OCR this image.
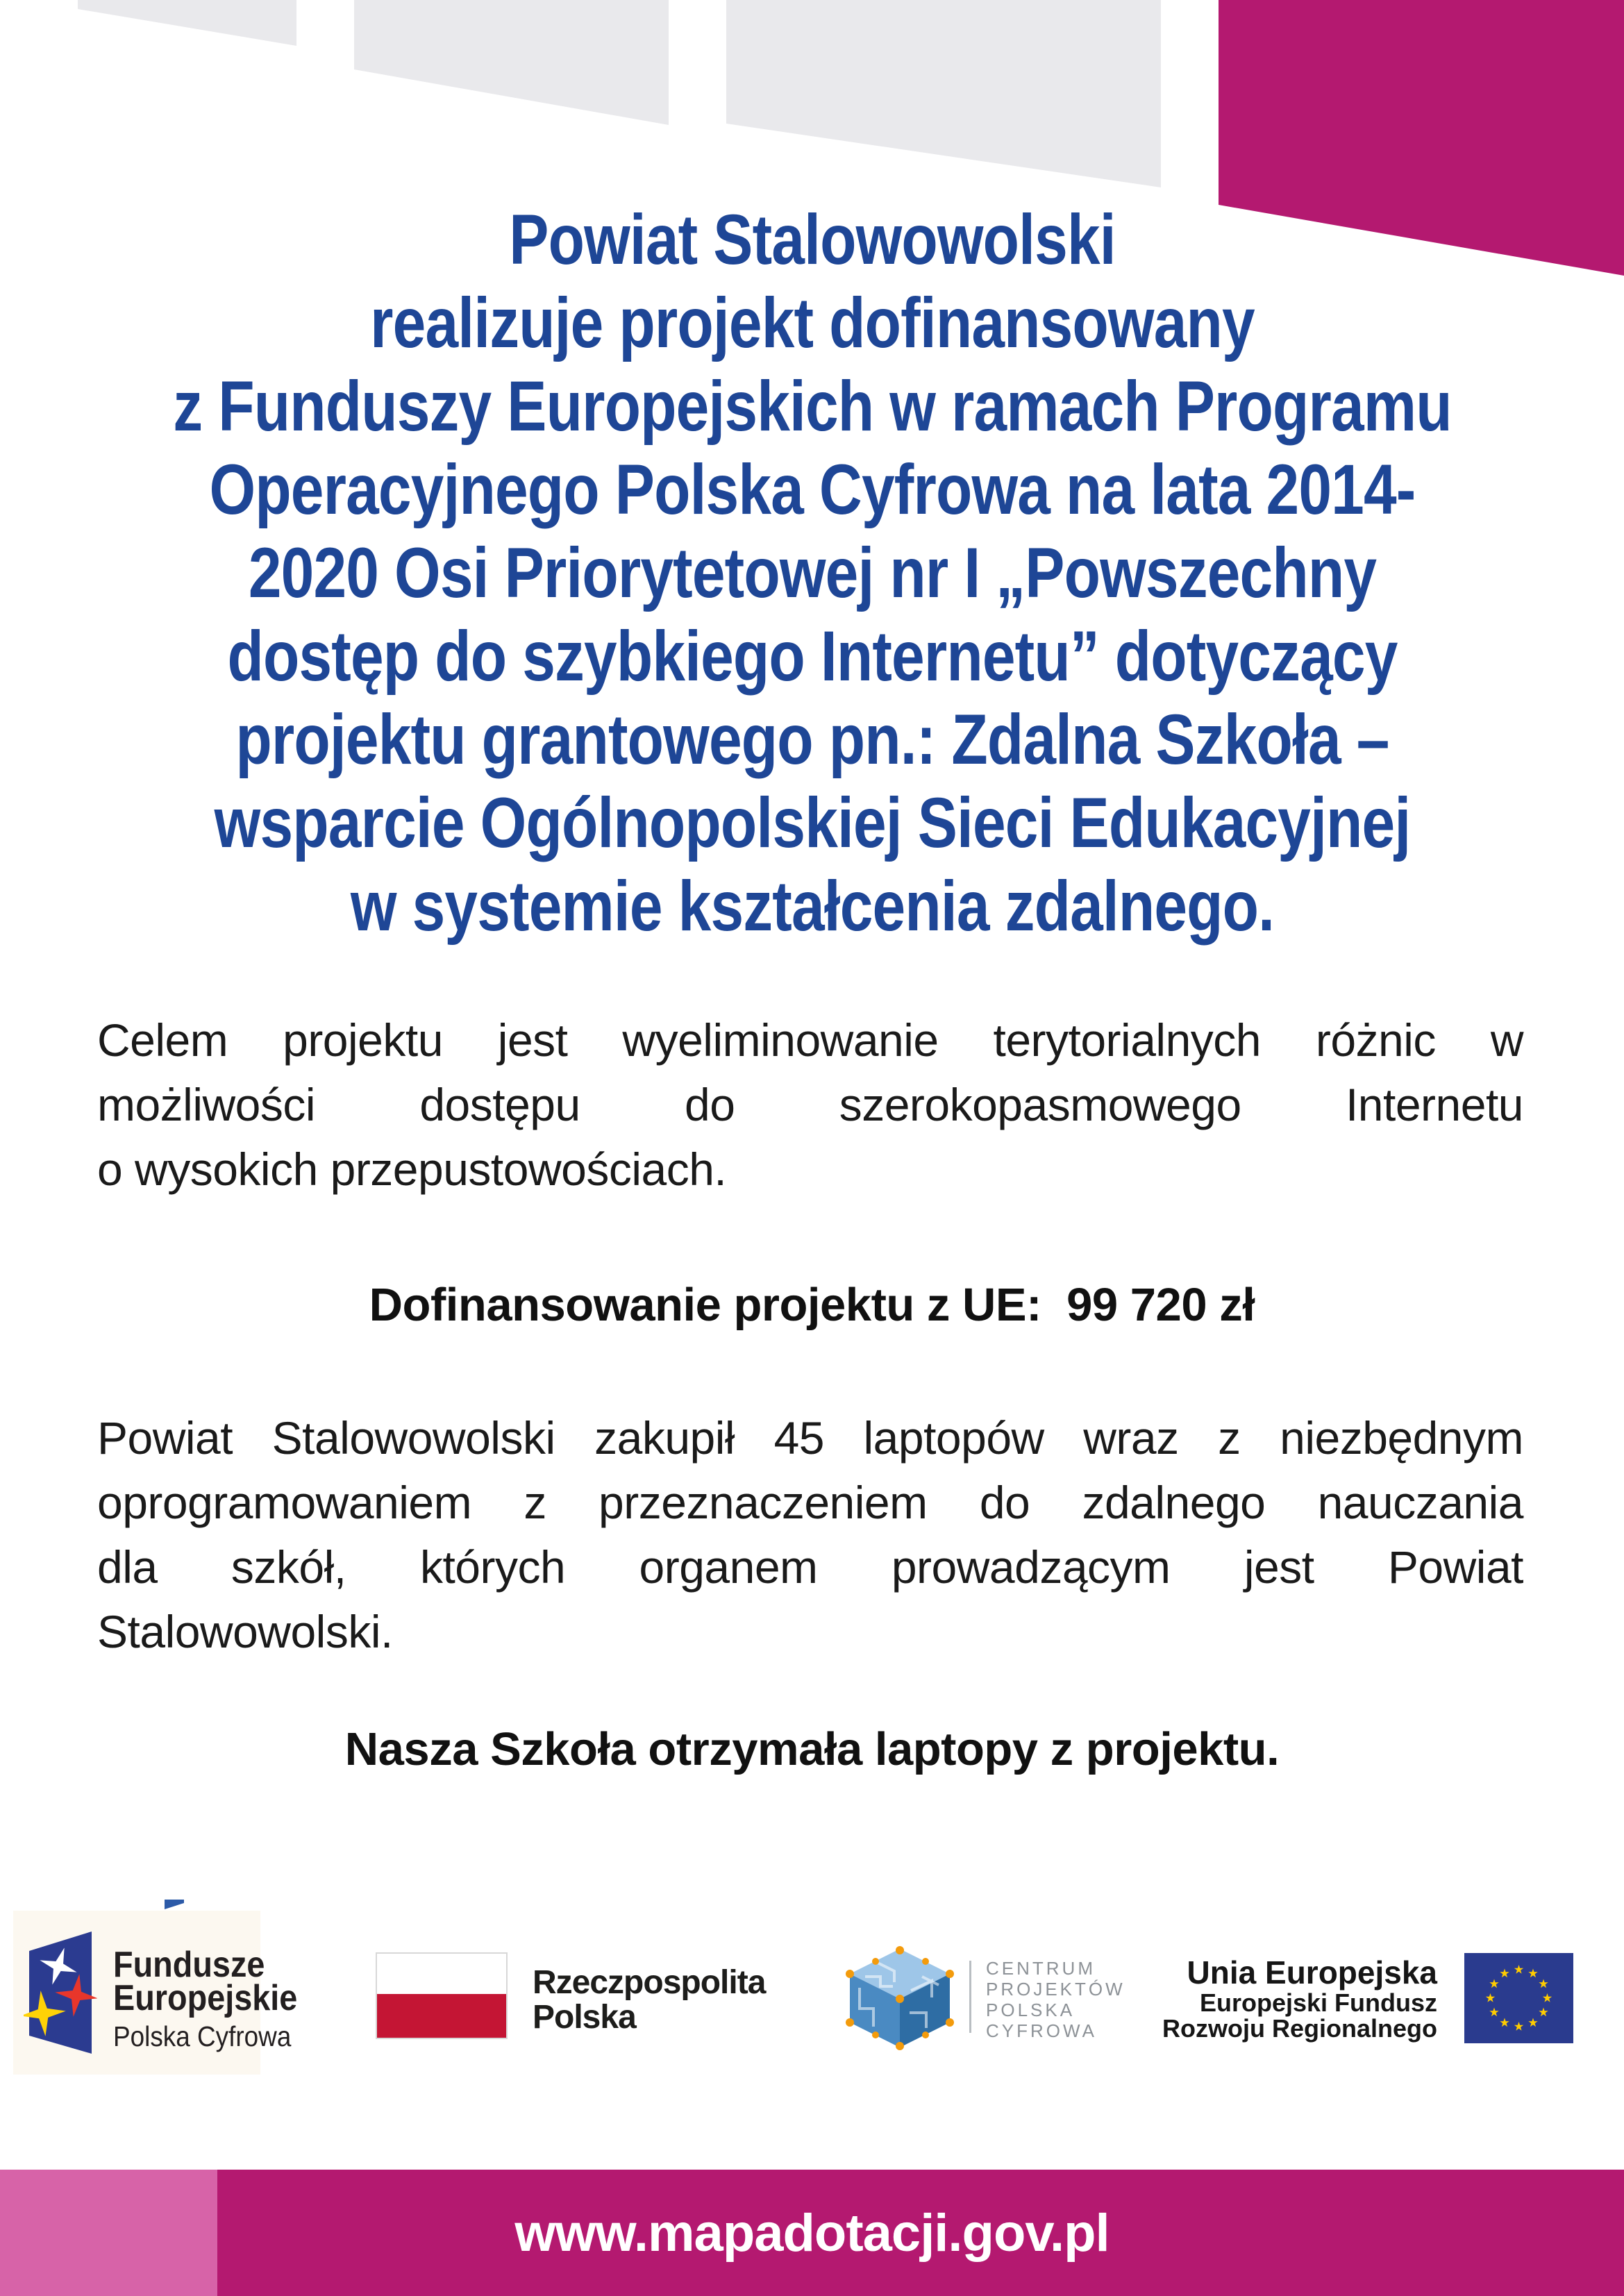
Powiat Stalowowolski
realizuje projekt dofinansowany
z Funduszy Europejskich w ramach Programu
Operacyjnego Polska Cyfrowa na lata 2014-
2020 Osi Priorytetowej nr I „Powszechny
dostęp do szybkiego Internetu” dotyczący
projektu grantowego pn.: Zdalna Szkoła –
wsparcie Ogólnopolskiej Sieci Edukacyjnej
w systemie kształcenia zdalnego.
Celem projektu jest wyeliminowanie terytorialnych różnic w
możliwości dostępu do szerokopasmowego Internetu
o wysokich przepustowościach.
Dofinansowanie projektu z UE:  99 720 zł
Powiat Stalowowolski zakupił 45 laptopów wraz z niezbędnym
oprogramowaniem z przeznaczeniem do zdalnego nauczania
dla szkół, których organem prowadzącym jest Powiat
Stalowowolski.
Nasza Szkoła otrzymała laptopy z projektu.
Fundusze
Europejskie
Polska Cyfrowa
Rzeczpospolita
Polska
CENTRUM
PROJEKTÓW
POLSKA
CYFROWA
Unia Europejska
Europejski Fundusz
Rozwoju Regionalnego
www.mapadotacji.gov.pl
